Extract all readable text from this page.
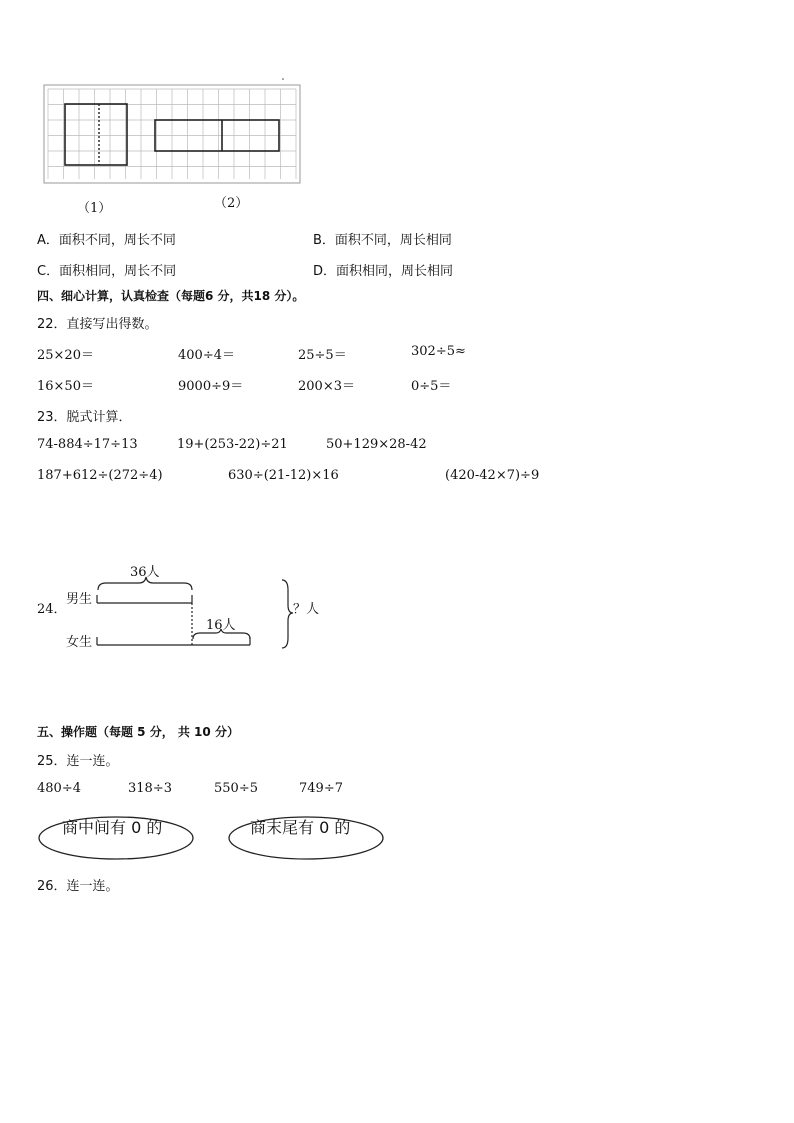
（1）	（2）
A．面积不同，周长不同	B．面积不同，周长相同
C．面积相同，周长不同	D．面积相同，周长相同
四、细心计算，认真检查（每题6 分，共18 分）。
22．直接写出得数。
25×20＝	400÷4＝	25÷5＝	302÷5≈
16×50＝	9000÷9＝	200×3＝	0÷5＝
23．脱式计算．
74-884÷17÷13	19+(253-22)÷21	50+129×28-42
187+612÷(272÷4)	630÷(21-12)×16	(420-42×7)÷9
36人
男生
24．
16人
女生
？人
五、操作题（每题 5 分， 共 10 分）
25．连一连。
480÷4	318÷3	550÷5	749÷7
商中间有 0 的	商末尾有 0 的
26．连一连。
